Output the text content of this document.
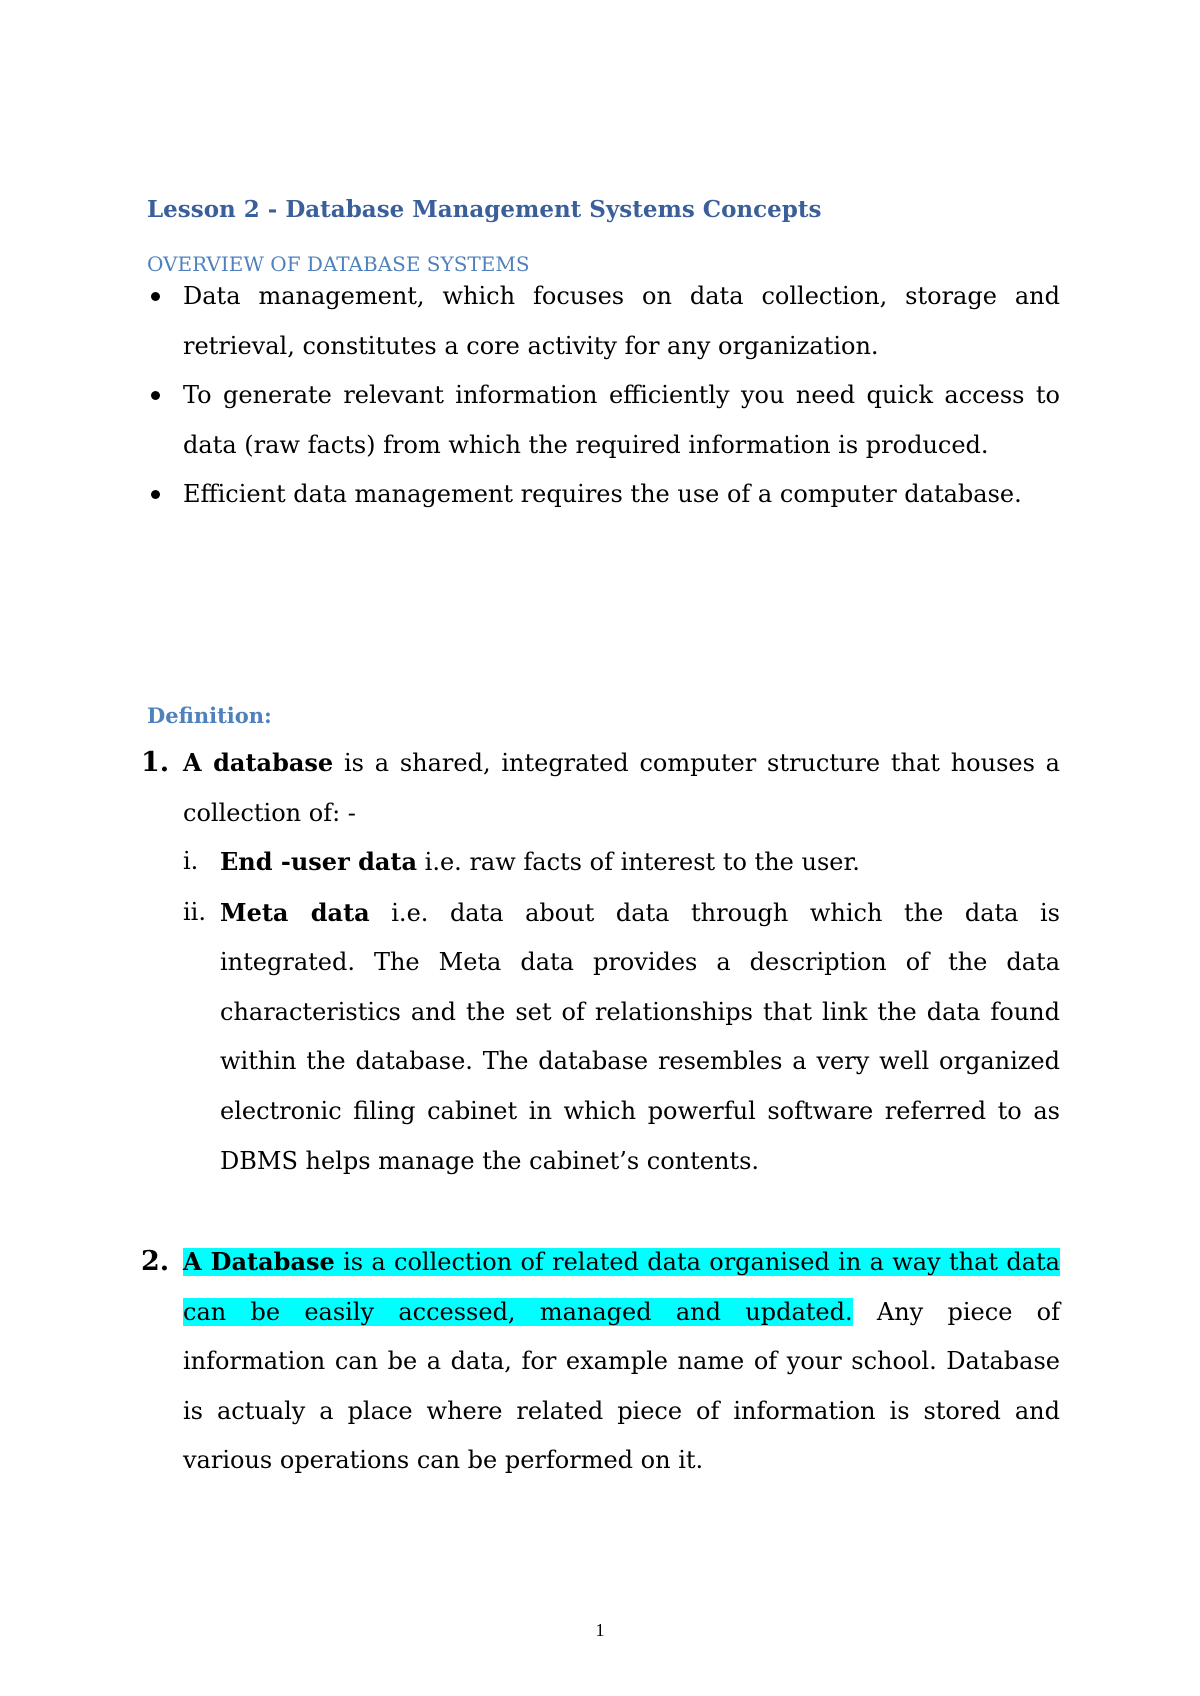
Lesson 2 - Database Management Systems Concepts
OVERVIEW OF DATABASE SYSTEMS
Data management, which focuses on data collection, storage and retrieval, constitutes a core activity for any organization.
To generate relevant information efficiently you need quick access to data (raw facts) from which the required information is produced.
Efficient data management requires the use of a computer database.
Definition:
1. A database is a shared, integrated computer structure that houses a collection of: -
i. End -user data i.e. raw facts of interest to the user.
ii. Meta data i.e. data about data through which the data is integrated. The Meta data provides a description of the data characteristics and the set of relationships that link the data found within the database. The database resembles a very well organized electronic filing cabinet in which powerful software referred to as DBMS helps manage the cabinet’s contents.
2. A Database is a collection of related data organised in a way that data can be easily accessed, managed and updated. Any piece of information can be a data, for example name of your school. Database is actualy a place where related piece of information is stored and various operations can be performed on it.
1
